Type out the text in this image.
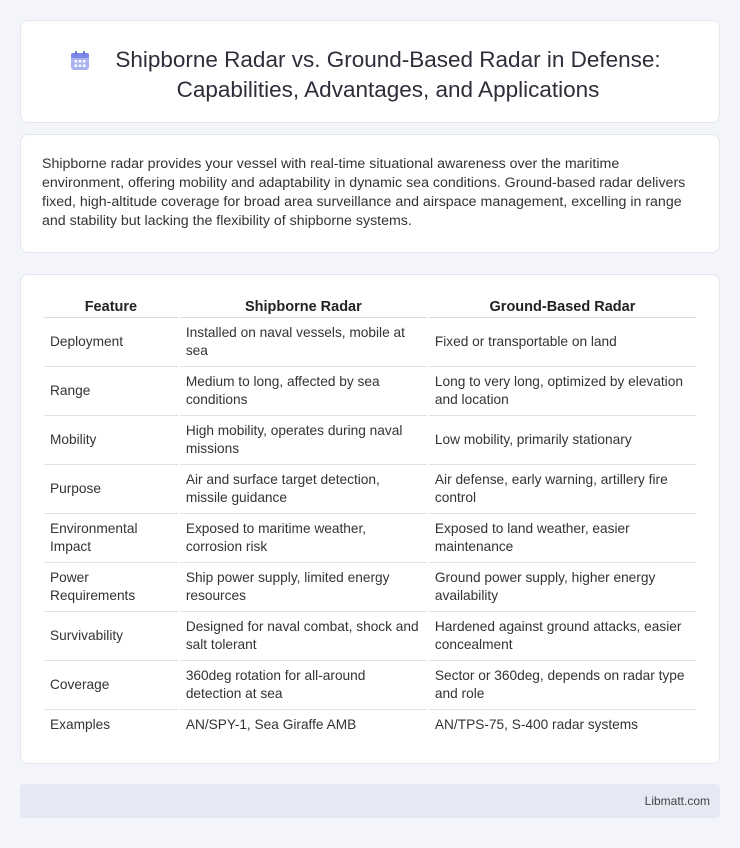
Shipborne Radar vs. Ground-Based Radar in Defense: Capabilities, Advantages, and Applications

Shipborne radar provides your vessel with real-time situational awareness over the maritime environment, offering mobility and adaptability in dynamic sea conditions. Ground-based radar delivers fixed, high-altitude coverage for broad area surveillance and airspace management, excelling in range and stability but lacking the flexibility of shipborne systems.

Feature	Shipborne Radar	Ground-Based Radar
Deployment	Installed on naval vessels, mobile at sea	Fixed or transportable on land
Range	Medium to long, affected by sea conditions	Long to very long, optimized by elevation and location
Mobility	High mobility, operates during naval missions	Low mobility, primarily stationary
Purpose	Air and surface target detection, missile guidance	Air defense, early warning, artillery fire control
Environmental Impact	Exposed to maritime weather, corrosion risk	Exposed to land weather, easier maintenance
Power Requirements	Ship power supply, limited energy resources	Ground power supply, higher energy availability
Survivability	Designed for naval combat, shock and salt tolerant	Hardened against ground attacks, easier concealment
Coverage	360deg rotation for all-around detection at sea	Sector or 360deg, depends on radar type and role
Examples	AN/SPY-1, Sea Giraffe AMB	AN/TPS-75, S-400 radar systems
Libmatt.com
